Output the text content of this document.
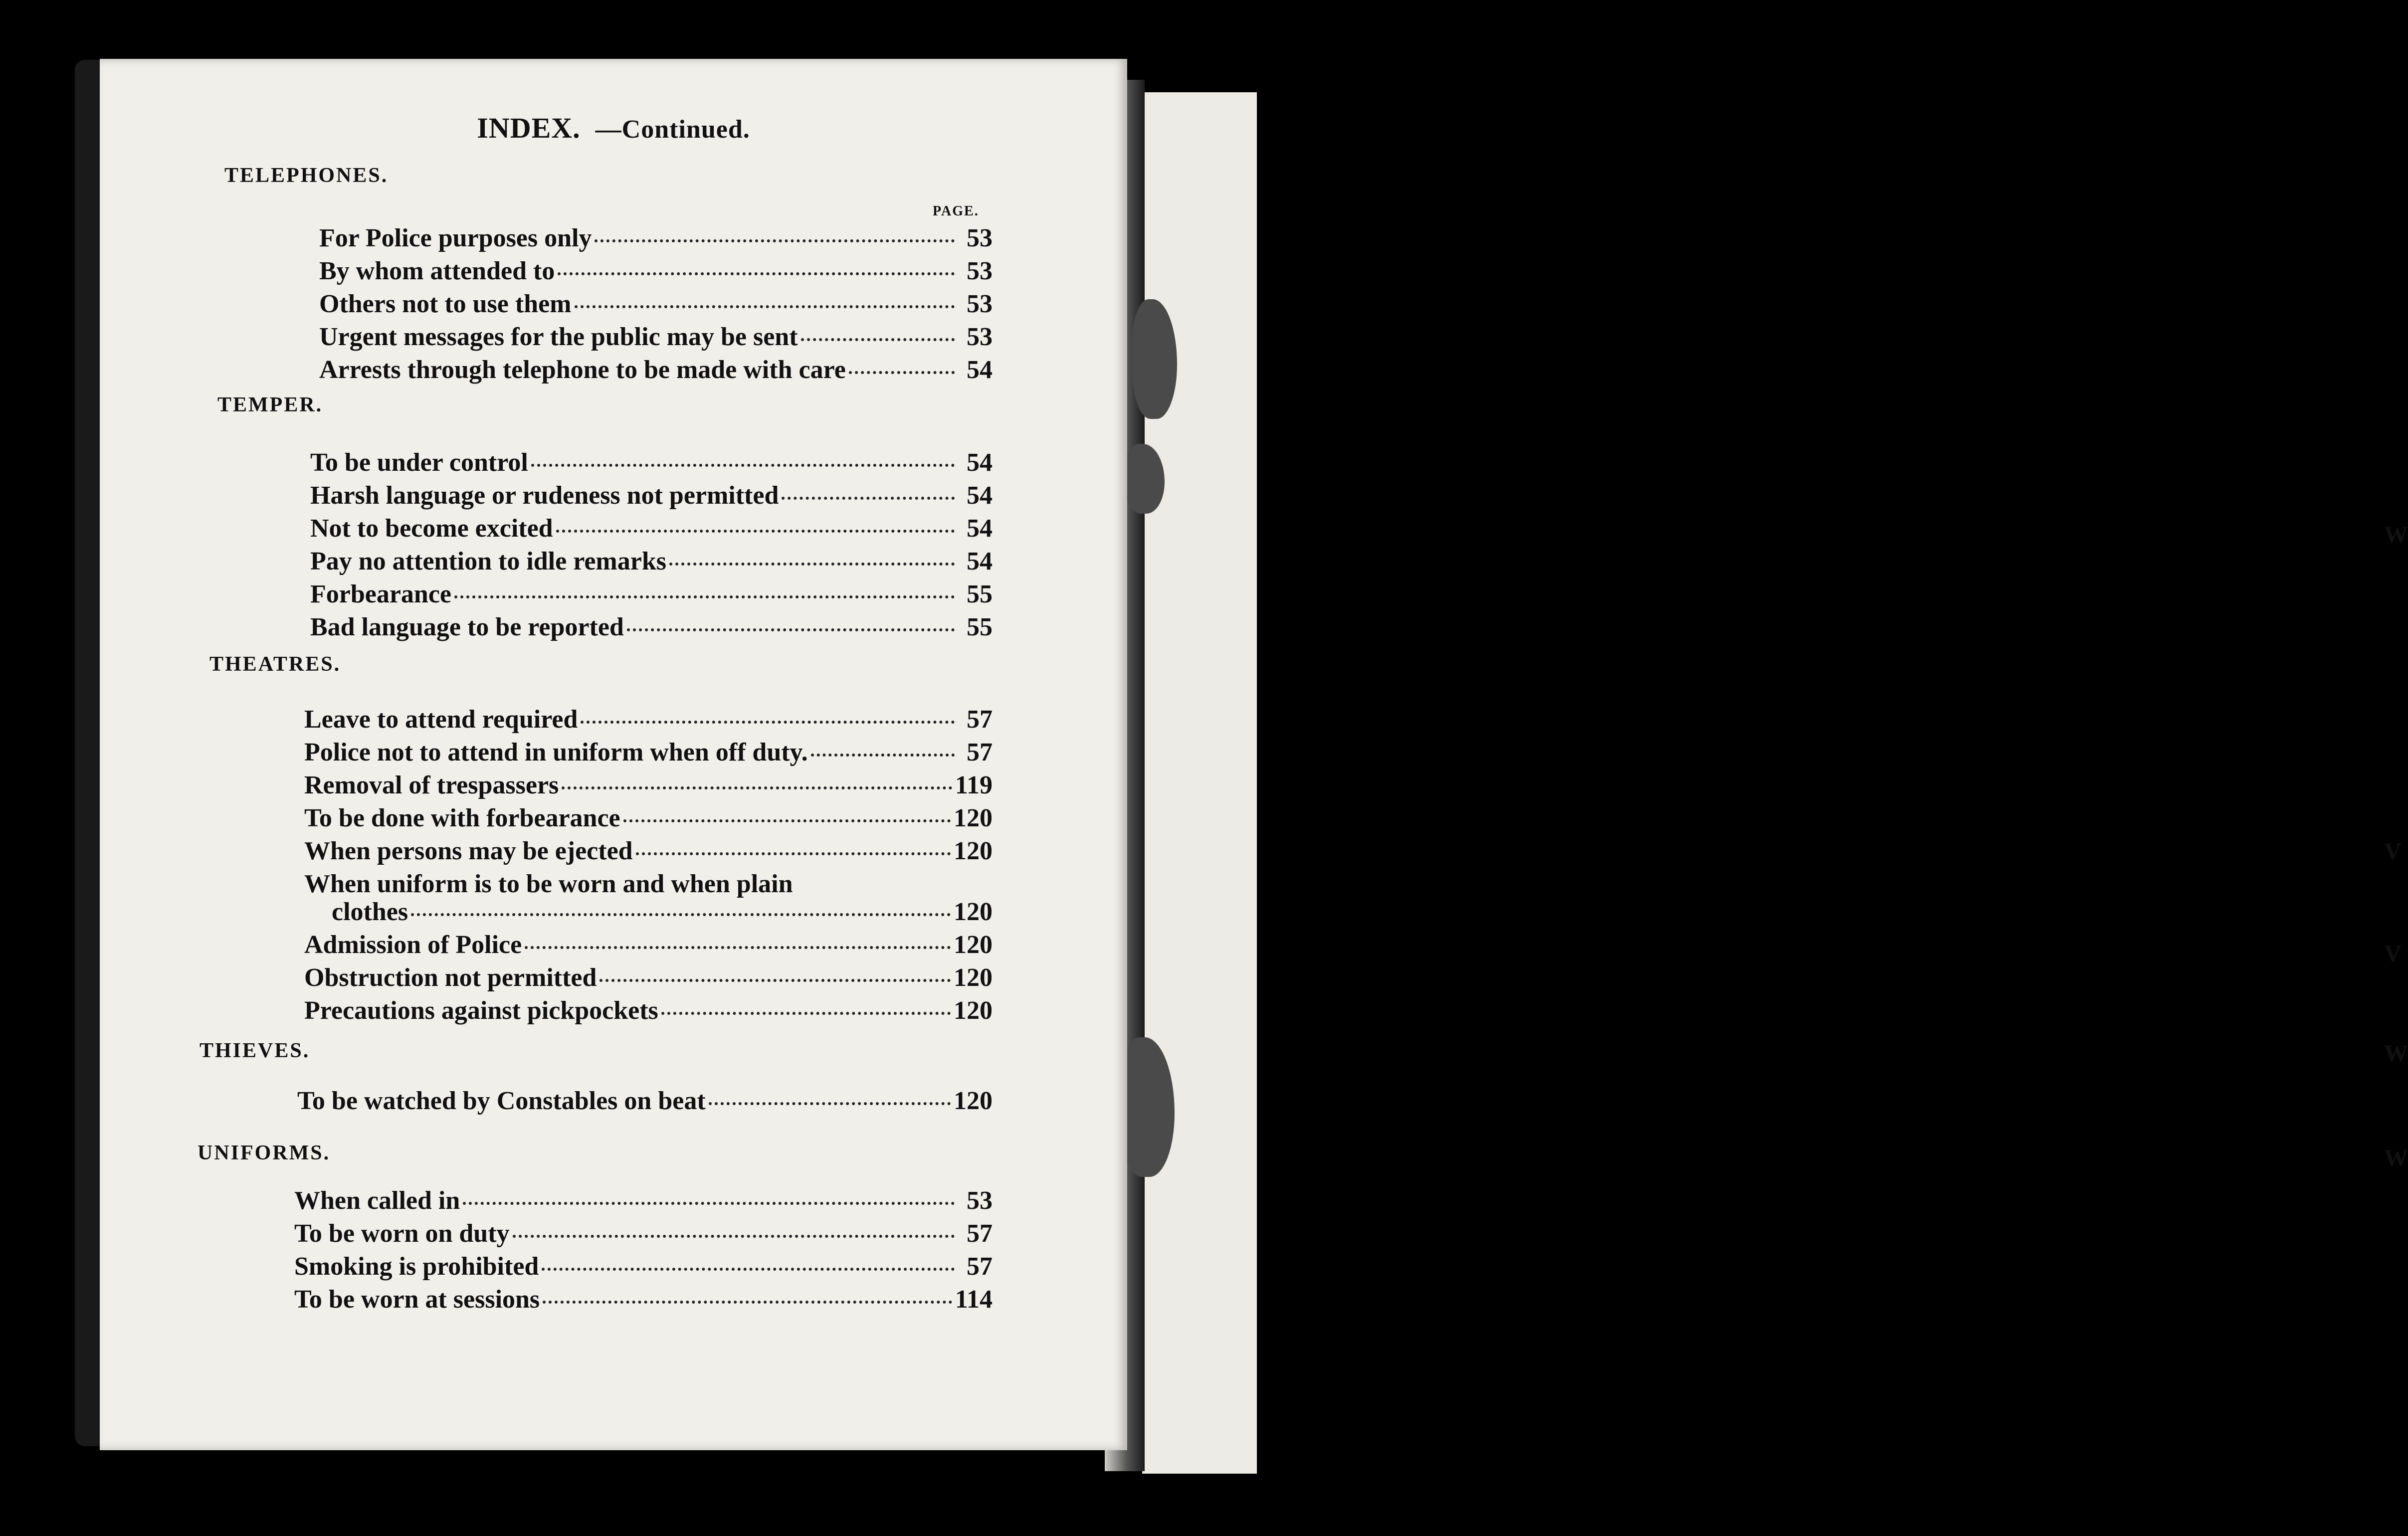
W
V
V
W
W
INDEX. —Continued.
PAGE.
TELEPHONES.
For Police purposes only	53
By whom attended to	53
Others not to use them	53
Urgent messages for the public may be sent	53
Arrests through telephone to be made with care	54
TEMPER.
To be under control	54
Harsh language or rudeness not permitted	54
Not to become excited	54
Pay no attention to idle remarks	54
Forbearance	55
Bad language to be reported	55
THEATRES.
Leave to attend required	57
Police not to attend in uniform when off duty.	57
Removal of trespassers	119
To be done with forbearance	120
When persons may be ejected	120
When uniform is to be worn and when plain
clothes	120
Admission of Police	120
Obstruction not permitted	120
Precautions against pickpockets	120
THIEVES.
To be watched by Constables on beat	120
UNIFORMS.
When called in	53
To be worn on duty	57
Smoking is prohibited	57
To be worn at sessions	114
